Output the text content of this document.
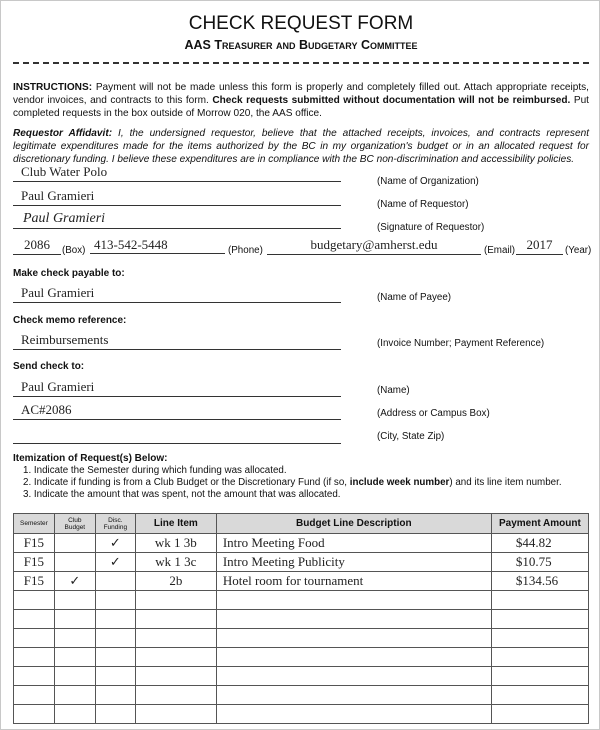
CHECK REQUEST FORM
AAS Treasurer and Budgetary Committee
INSTRUCTIONS: Payment will not be made unless this form is properly and completely filled out. Attach appropriate receipts, vendor invoices, and contracts to this form. Check requests submitted without documentation will not be reimbursed. Put completed requests in the box outside of Morrow 020, the AAS office.
Requestor Affidavit: I, the undersigned requestor, believe that the attached receipts, invoices, and contracts represent legitimate expenditures made for the items authorized by the BC in my organization's budget or in an allocated request for discretionary funding. I believe these expenditures are in compliance with the BC non-discrimination and accessibility policies.
Club Water Polo
(Name of Organization)
Paul Gramieri
(Name of Requestor)
Paul Gramieri
(Signature of Requestor)
2086	(Box) 413-542-5448	(Phone)	budgetary@amherst.edu	(Email) 2017	(Year)
Make check payable to:
Paul Gramieri	(Name of Payee)
Check memo reference:
Reimbursements	(Invoice Number; Payment Reference)
Send check to:
Paul Gramieri	(Name)
AC#2086	(Address or Campus Box)
(City, State Zip)
Itemization of Request(s) Below:
1. Indicate the Semester during which funding was allocated.
2. Indicate if funding is from a Club Budget or the Discretionary Fund (if so, include week number) and its line item number.
3. Indicate the amount that was spent, not the amount that was allocated.
Semester	Club Budget	Disc. Funding	Line Item	Budget Line Description	Payment Amount
F15		✓	wk 1 3b	Intro Meeting Food	$44.82
F15		✓	wk 1 3c	Intro Meeting Publicity	$10.75
F15	✓		2b	Hotel room for tournament	$134.56
